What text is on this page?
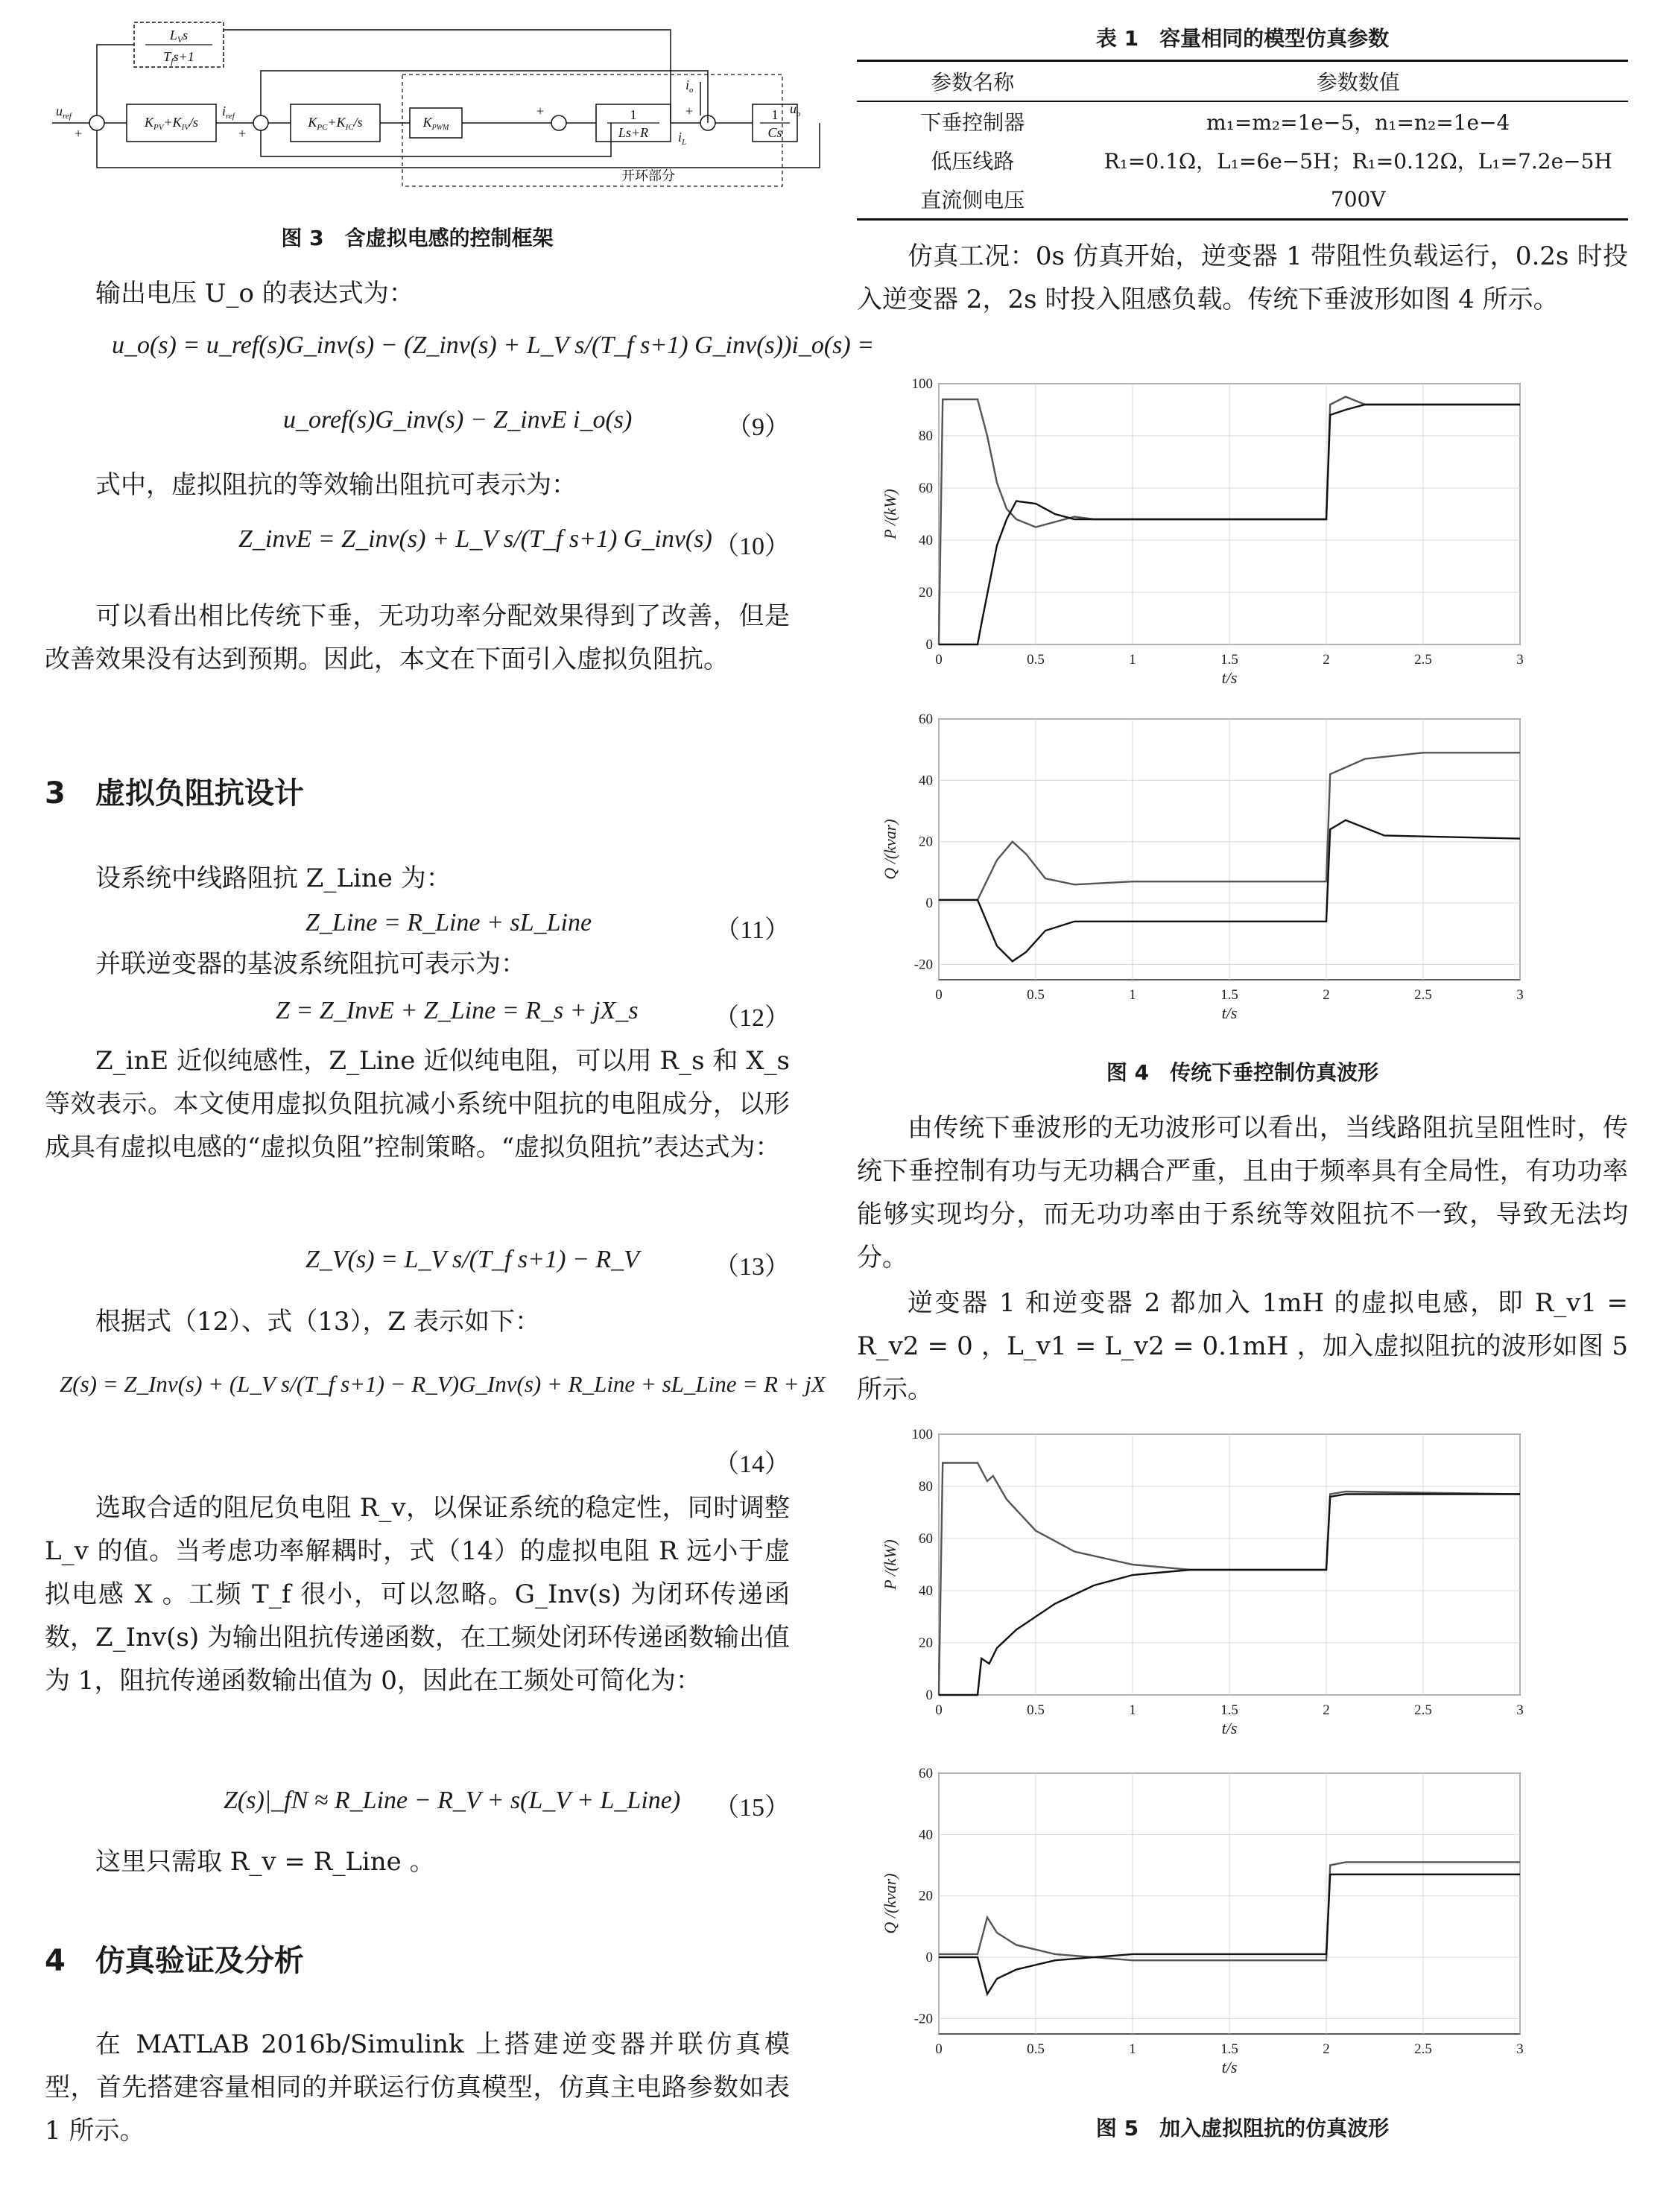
$L_Vs$
$T_fs+1$
$K_{PV}+K_{IV}/s$	$K_{PC}+K_{IC}/s$	$K_{PWM}$
1
Ls+R
1
Cs
开环部分
$u_{ref}$	$i_{ref}$
$i_o$
$i_L$
$u_o$
+	+
+	+
图 3　含虚拟电感的控制框架

输出电压 U_o 的表达式为：

u_o(s) = u_ref(s)G_inv(s) − (Z_inv(s) + L_V s/(T_f s+1) G_inv(s))i_o(s) =
u_oref(s)G_inv(s) − Z_invE i_o(s)	（9）

式中，虚拟阻抗的等效输出阻抗可表示为：

Z_invE = Z_inv(s) + L_V s/(T_f s+1) G_inv(s) （10）

可以看出相比传统下垂，无功功率分配效果得到了改善，但是改善效果没有达到预期。因此，本文在下面引入虚拟负阻抗。

3　虚拟负阻抗设计

设系统中线路阻抗 Z_Line 为：

Z_Line = R_Line + sL_Line	（11）

并联逆变器的基波系统阻抗可表示为：

Z = Z_InvE + Z_Line = R_s + jX_s	（12）

Z_inE 近似纯感性，Z_Line 近似纯电阻，可以用 R_s 和 X_s 等效表示。本文使用虚拟负阻抗减小系统中阻抗的电阻成分，以形成具有虚拟电感的“虚拟负阻”控制策略。“虚拟负阻抗”表达式为：

Z_V(s) = L_V s/(T_f s+1) − R_V	（13）

根据式（12）、式（13），Z 表示如下：

Z(s) = Z_Inv(s) + (L_V s/(T_f s+1) − R_V)G_Inv(s) + R_Line + sL_Line = R + jX
（14）

选取合适的阻尼负电阻 R_v，以保证系统的稳定性，同时调整 L_v 的值。当考虑功率解耦时，式（14）的虚拟电阻 R 远小于虚拟电感 X 。工频 T_f 很小，可以忽略。G_Inv(s) 为闭环传递函数，Z_Inv(s) 为输出阻抗传递函数，在工频处闭环传递函数输出值为 1，阻抗传递函数输出值为 0，因此在工频处可简化为：

Z(s)|_fN ≈ R_Line − R_V + s(L_V + L_Line) （15）

这里只需取 R_v = R_Line 。

4　仿真验证及分析

在 MATLAB 2016b/Simulink 上搭建逆变器并联仿真模型，首先搭建容量相同的并联运行仿真模型，仿真主电路参数如表 1 所示。

表 1　容量相同的模型仿真参数
参数名称	参数数值
下垂控制器	m₁=m₂=1e−5，n₁=n₂=1e−4
低压线路	R₁=0.1Ω，L₁=6e−5H；R₁=0.12Ω，L₁=7.2e−5H
直流侧电压	700V

仿真工况：0s 仿真开始，逆变器 1 带阻性负载运行，0.2s 时投入逆变器 2，2s 时投入阻感负载。传统下垂波形如图 4 所示。

0	0.5	1	1.5	2	2.5	3
0
20
40
60
80
100
t/s
P /(kW)
0	0.5	1	1.5	2	2.5	3
-20
0
20
40
60
t/s
Q /(kvar)
图 4　传统下垂控制仿真波形

由传统下垂波形的无功波形可以看出，当线路阻抗呈阻性时，传统下垂控制有功与无功耦合严重，且由于频率具有全局性，有功功率能够实现均分，而无功功率由于系统等效阻抗不一致，导致无法均分。

逆变器 1 和逆变器 2 都加入 1mH 的虚拟电感，即 R_v1 = R_v2 = 0 ，L_v1 = L_v2 = 0.1mH ，加入虚拟阻抗的波形如图 5 所示。

0	0.5	1	1.5	2	2.5	3
0
20
40
60
80
100
t/s
P /(kW)
0	0.5	1	1.5	2	2.5	3
-20
0
20
40
60
t/s
Q /(kvar)
图 5　加入虚拟阻抗的仿真波形
